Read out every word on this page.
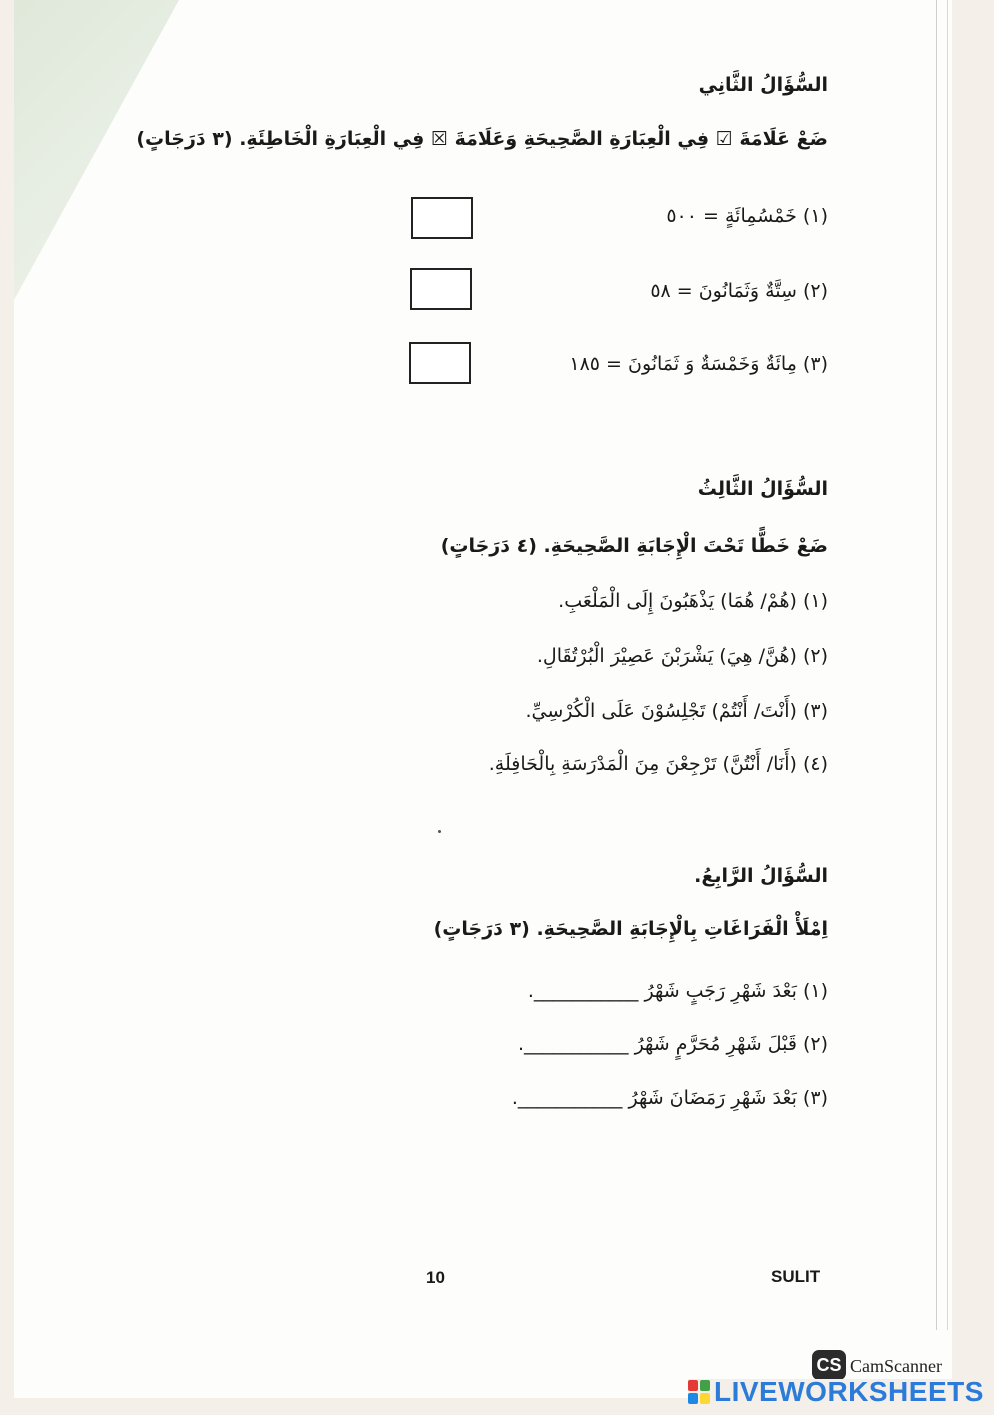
السُّؤَالُ الثَّانِي
ضَعْ عَلَامَةَ ☑ فِي الْعِبَارَةِ الصَّحِيحَةِ وَعَلَامَةَ ☒ فِي الْعِبَارَةِ الْخَاطِئَةِ. (٣ دَرَجَاتٍ)
(١) خَمْسُمِائَةٍ = ٥٠٠
(٢) سِتَّةٌ وَثَمَانُونَ = ٥٨
(٣) مِائَةٌ وَخَمْسَةٌ وَ ثَمَانُونَ = ١٨٥
السُّؤَالُ الثَّالِثُ
ضَعْ خَطًّا تَحْتَ الْإِجَابَةِ الصَّحِيحَةِ. (٤ دَرَجَاتٍ)
(١) (هُمْ/ هُمَا) يَذْهَبُونَ إِلَى الْمَلْعَبِ.
(٢) (هُنَّ/ هِيَ) يَشْرَبْنَ عَصِيْرَ الْبُرْتُقَالِ.
(٣) (أَنْتَ/ أَنْتُمْ) تَجْلِسُوْنَ عَلَى الْكُرْسِيِّ.
(٤) (أَنَا/ أَنْتُنَّ) تَرْجِعْنَ مِنَ الْمَدْرَسَةِ بِالْحَافِلَةِ.
السُّؤَالُ الرَّابِعُ.
اِمْلَأْ الْفَرَاغَاتِ بِالْإِجَابَةِ الصَّحِيحَةِ. (٣ دَرَجَاتٍ)
(١) بَعْدَ شَهْرِ رَجَبٍ شَهْرُ ___________.
(٢) قَبْلَ شَهْرِ مُحَرَّمٍ شَهْرُ ___________.
(٣) بَعْدَ شَهْرِ رَمَضَانَ شَهْرُ ___________.
10	SULIT
CS CamScanner
LIVEWORKSHEETS
